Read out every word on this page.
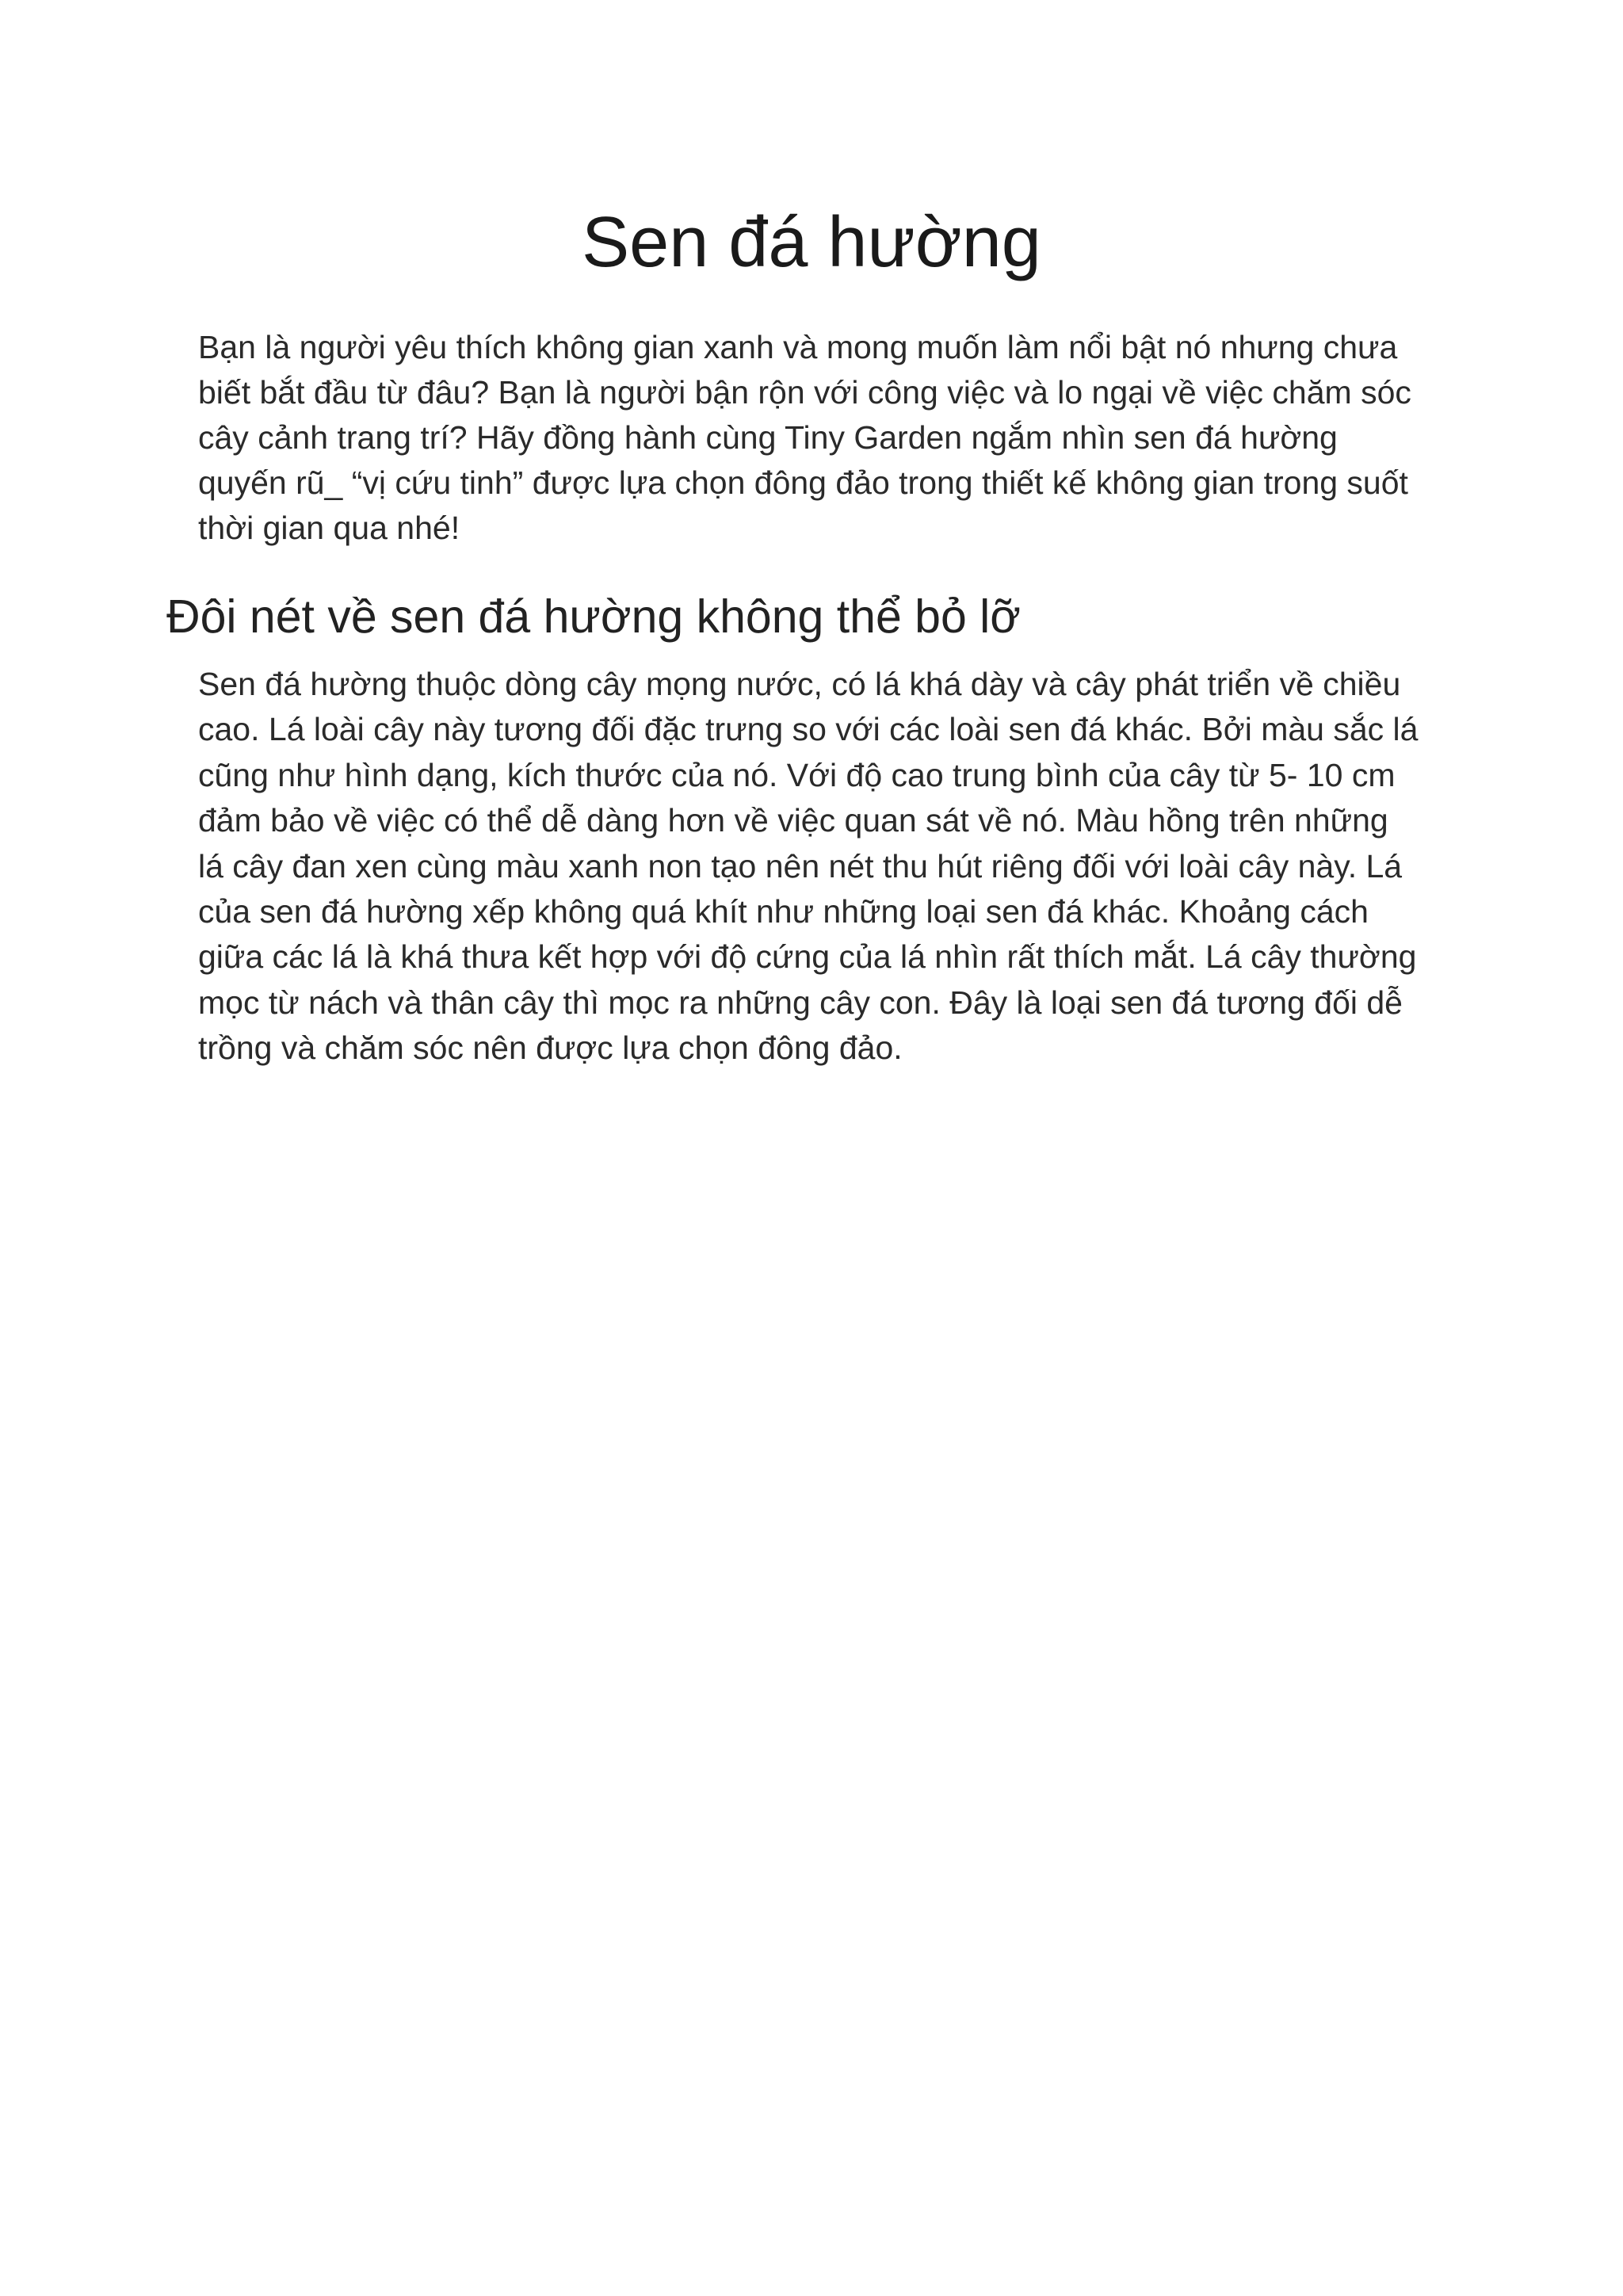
Sen đá hường

Bạn là người yêu thích không gian xanh và mong muốn làm nổi bật nó nhưng chưa
biết bắt đầu từ đâu? Bạn là người bận rộn với công việc và lo ngại về việc chăm sóc
cây cảnh trang trí? Hãy đồng hành cùng Tiny Garden ngắm nhìn sen đá hường
quyến rũ_ “vị cứu tinh” được lựa chọn đông đảo trong thiết kế không gian trong suốt
thời gian qua nhé!

Đôi nét về sen đá hường không thể bỏ lỡ

Sen đá hường thuộc dòng cây mọng nước, có lá khá dày và cây phát triển về chiều
cao. Lá loài cây này tương đối đặc trưng so với các loài sen đá khác. Bởi màu sắc lá
cũng như hình dạng, kích thước của nó. Với độ cao trung bình của cây từ 5- 10 cm
đảm bảo về việc có thể dễ dàng hơn về việc quan sát về nó. Màu hồng trên những
lá cây đan xen cùng màu xanh non tạo nên nét thu hút riêng đối với loài cây này. Lá
của sen đá hường xếp không quá khít như những loại sen đá khác. Khoảng cách
giữa các lá là khá thưa kết hợp với độ cứng của lá nhìn rất thích mắt. Lá cây thường
mọc từ nách và thân cây thì mọc ra những cây con. Đây là loại sen đá tương đối dễ
trồng và chăm sóc nên được lựa chọn đông đảo.
